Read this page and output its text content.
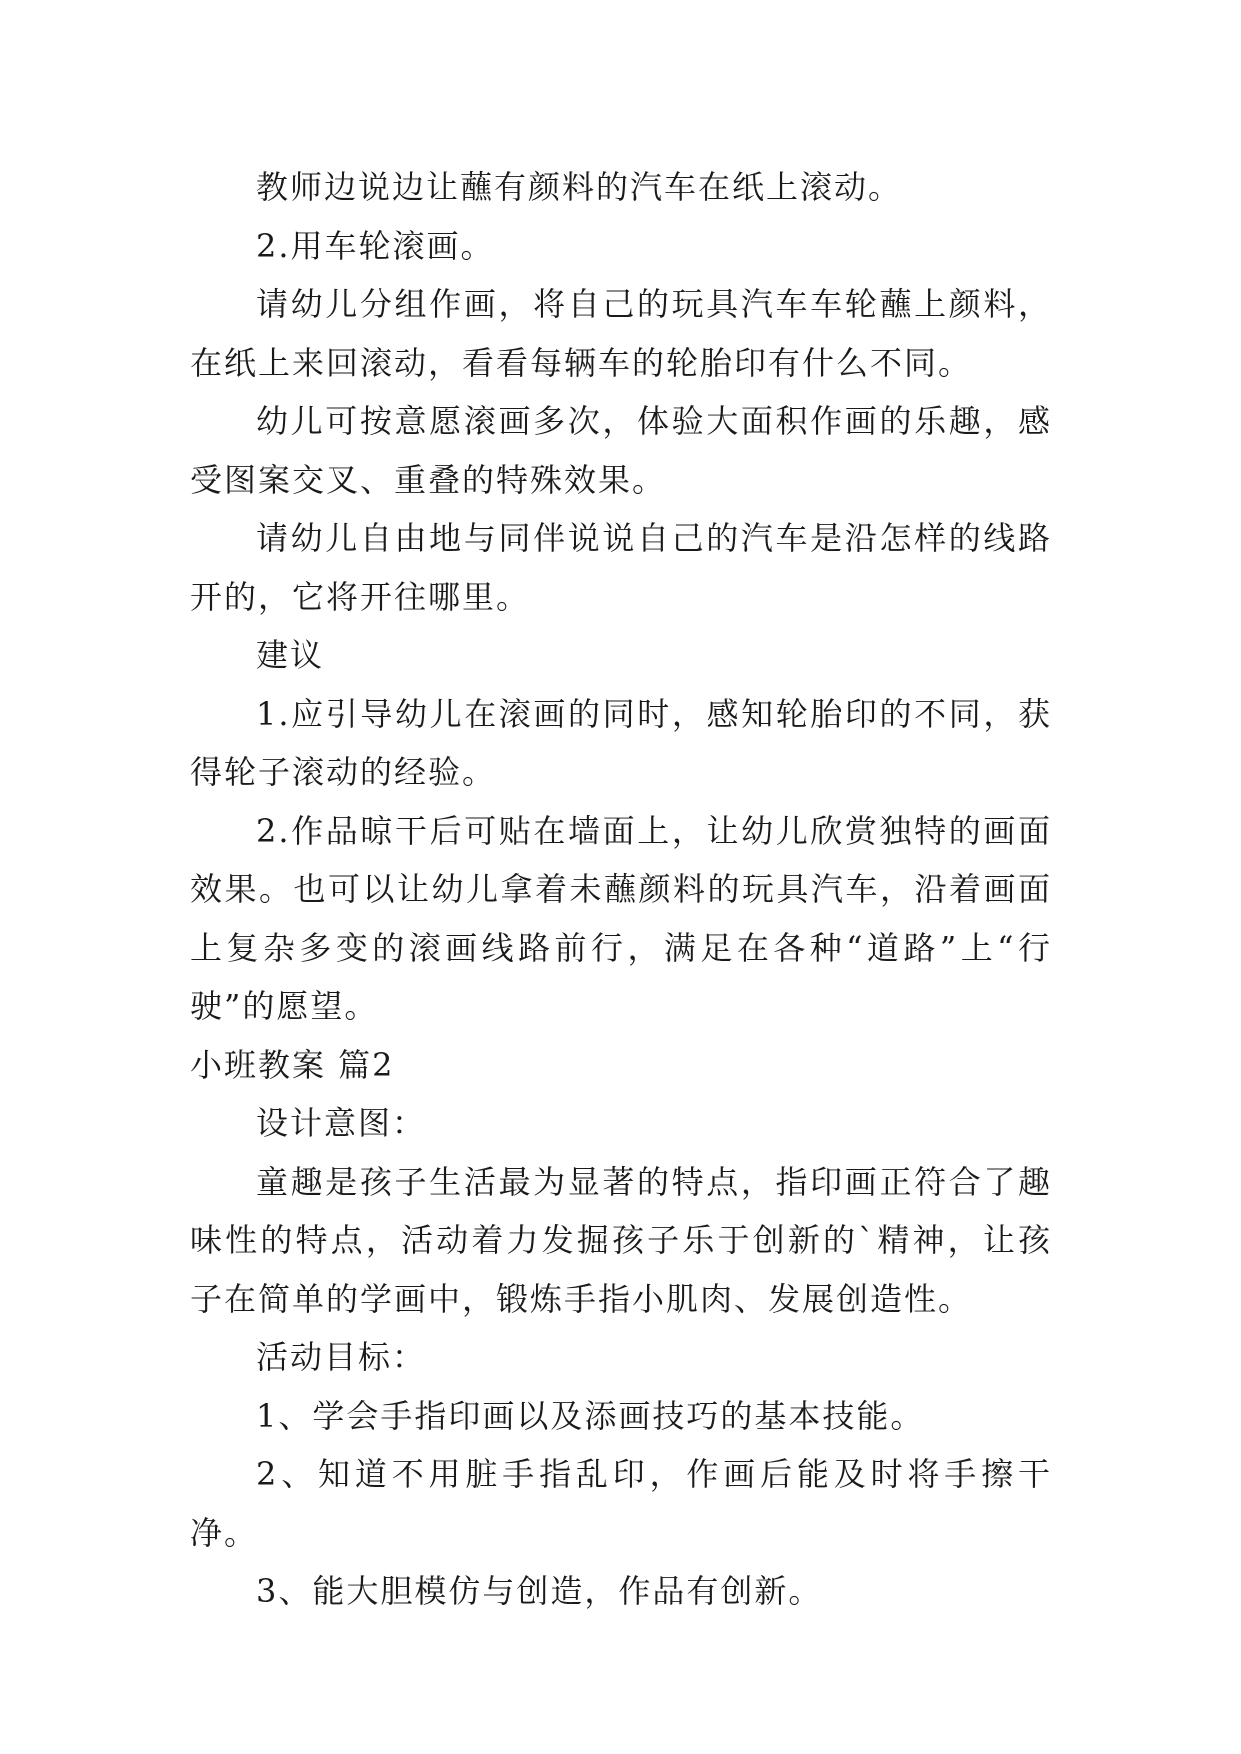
教师边说边让蘸有颜料的汽车在纸上滚动。

2.用车轮滚画。

请幼儿分组作画，将自己的玩具汽车车轮蘸上颜料，在纸上来回滚动，看看每辆车的轮胎印有什么不同。

幼儿可按意愿滚画多次，体验大面积作画的乐趣，感受图案交叉、重叠的特殊效果。

请幼儿自由地与同伴说说自己的汽车是沿怎样的线路开的，它将开往哪里。

建议

1.应引导幼儿在滚画的同时，感知轮胎印的不同，获得轮子滚动的经验。

2.作品晾干后可贴在墙面上，让幼儿欣赏独特的画面效果。也可以让幼儿拿着未蘸颜料的玩具汽车，沿着画面上复杂多变的滚画线路前行，满足在各种“道路”上“行驶”的愿望。

小班教案 篇2

设计意图：

童趣是孩子生活最为显著的特点，指印画正符合了趣味性的特点，活动着力发掘孩子乐于创新的`精神，让孩子在简单的学画中，锻炼手指小肌肉、发展创造性。

活动目标：

1、学会手指印画以及添画技巧的基本技能。

2、知道不用脏手指乱印，作画后能及时将手擦干净。

3、能大胆模仿与创造，作品有创新。
